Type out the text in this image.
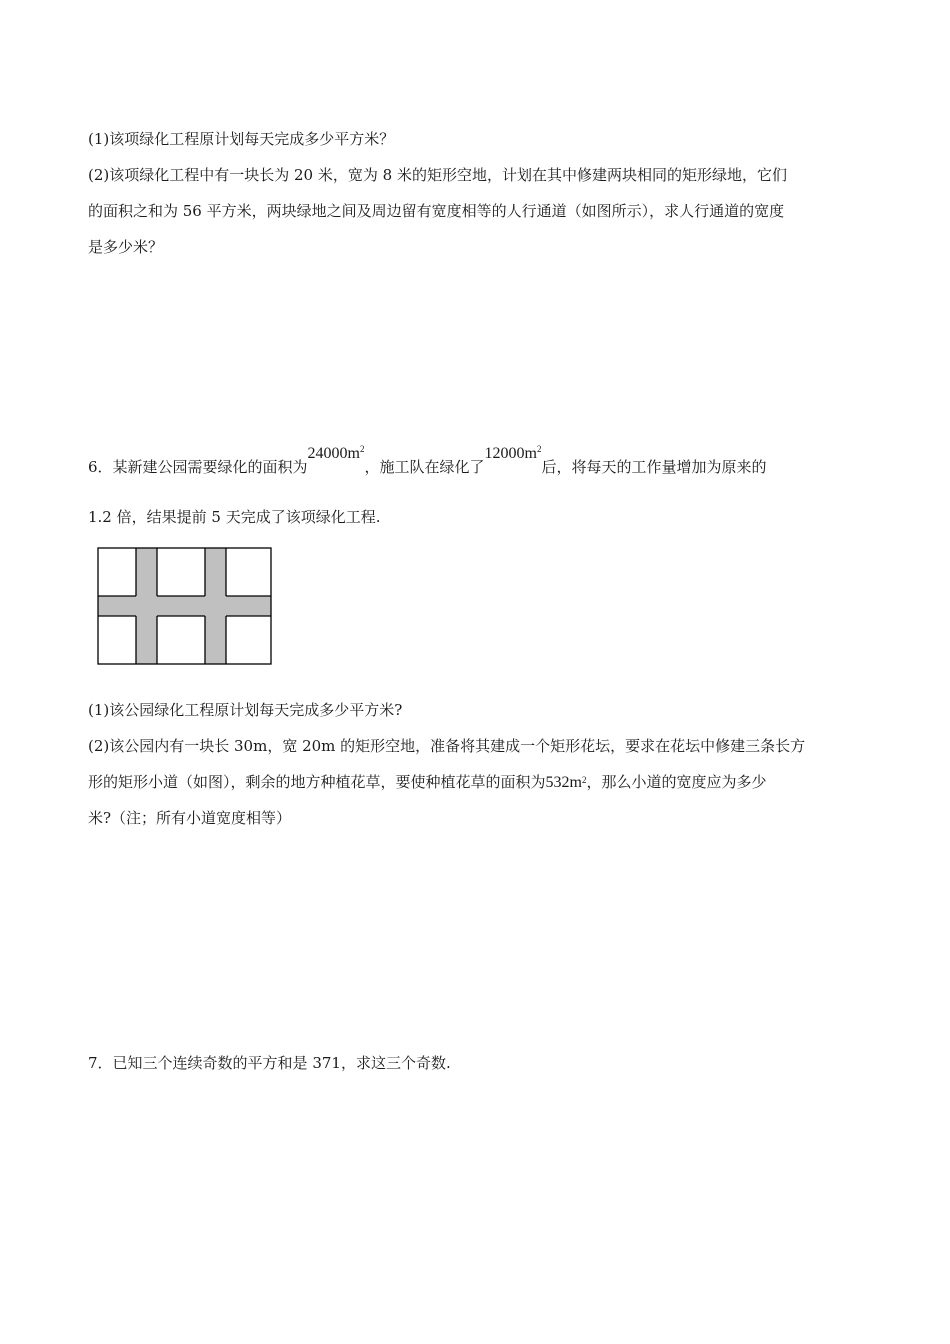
(1)该项绿化工程原计划每天完成多少平方米？
(2)该项绿化工程中有一块长为 20 米，宽为 8 米的矩形空地，计划在其中修建两块相同的矩形绿地，它们
的面积之和为 56 平方米，两块绿地之间及周边留有宽度相等的人行通道（如图所示），求人行通道的宽度
是多少米？
6．某新建公园需要绿化的面积为$24000m^2$，施工队在绿化了$12000m^2$后，将每天的工作量增加为原来的
1.2 倍，结果提前 5 天完成了该项绿化工程.
(1)该公园绿化工程原计划每天完成多少平方米?
(2)该公园内有一块长 30m，宽 20m 的矩形空地，准备将其建成一个矩形花坛，要求在花坛中修建三条长方
形的矩形小道（如图），剩余的地方种植花草，要使种植花草的面积为$532m^2$，那么小道的宽度应为多少
米?（注；所有小道宽度相等）
7．已知三个连续奇数的平方和是 371，求这三个奇数.
